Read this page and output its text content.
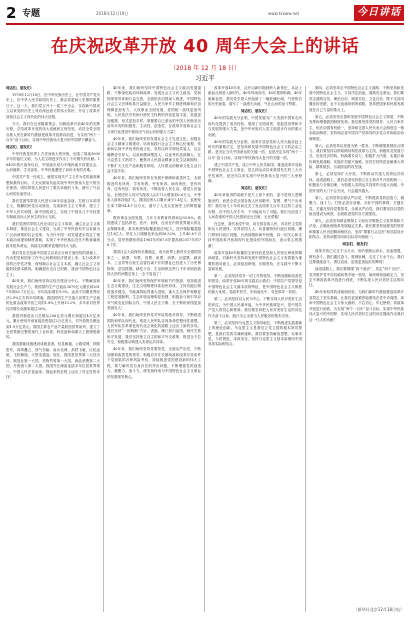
2 专题	2018年12月19日	www.txxww.net	今日讲话
在庆祝改革开放 40 周年大会上的讲话
（2018 年 12 月 18 日）
习近平

同志们，朋友们：

1978年12月18日，在中华民族历史上，在中国共产党历史上，在中华人民共和国历史上，都必将是载入史册的重要日子。这一天，我们党召开十一届三中全会，实现新中国成立以来党的历史上具有深远意义的伟大转折，开启了改革开放和社会主义现代化的伟大征程。

今天，我们在这里隆重集会，回顾改革开放40年的光辉历程，总结改革开放的伟大成就和宝贵经验，动员全党全国各族人民在新时代继续把改革开放推向前进，为实现“两个一百年”奋斗目标、实现中华民族伟大复兴的中国梦不懈奋斗。

同志们、朋友们！

中华民族是世界上古老而伟大的民族，创造了绵延5000多年的灿烂文明，为人类文明进步作出了不可磨灭的贡献。1840年鸦片战争以后，中国逐步成为半殖民地半封建社会，山河破碎，生灵涂炭，中华民族遭受了前所未有的苦难。

中国共产党一经成立，就把实现共产主义作为党的最高理想和最终目标，义无反顾肩负起实现中华民族伟大复兴的历史使命，团结带领人民进行了艰苦卓绝的斗争，谱写了气吞山河的壮丽史诗。

我们党团结带领人民进行28年浴血奋战，打败日本帝国主义，推翻国民党反动统治，完成新民主主义革命，建立了中华人民共和国。新中国的成立，实现了中国从几千年封建专制政治向人民民主的伟大飞跃。

我们党团结带领人民完成社会主义革命，确立社会主义基本制度，推进社会主义建设，完成了中华民族有史以来最为广泛而深刻的社会变革，为当代中国一切发展进步奠定了根本政治前提和制度基础，实现了中华民族由近代不断衰落到根本扭转命运、持续走向繁荣富强的伟大飞跃。

我们党在总结新中国成立以来正反两方面经验的基础上，作出把党和国家工作中心转移到经济建设上来、实行改革开放的历史性决策，深刻揭示社会主义本质，确立社会主义初级阶段基本路线，明确提出走自己的路、建设中国特色社会主义。

40年来，我们始终坚持以经济建设为中心，不断解放和发展社会生产力，我国国内生产总值由3679亿元增长到2017年的82.7万亿元，年均实际增长9.5%，远高于同期世界经济2.9%左右的年均增速。我国国内生产总值占世界生产总值的比重由改革开放之初的1.8%上升到15.2%，多年来对世界经济增长贡献率超过30%。

我国货物进出口总额从206亿美元增长到超过4万亿美元，累计使用外商直接投资超过2万亿美元，对外投资总额达到1.9万亿美元。我国主要农产品产量跃居世界前列，建立了全世界最完整的现代工业体系，科技创新和重大工程捷报频传。

我国基础设施建设成就显著，信息畅通，公路成网，铁路密布，高坝矗立，西气东输，南水北调，高铁飞驰，巨轮远航，飞机翱翔，天堑变通途。现在，我国是世界第二大经济体、制造业第一大国、货物贸易第一大国、商品消费第二大国、外资流入第二大国，我国外汇储备连续多年位居世界第一，中国人民在富起来、强起来的征程上迈出了决定性的步伐！

40年来，我们始终坚持中国特色社会主义政治发展道路，不断深化政治体制改革，发展社会主义民主政治，党和国家领导体制日益完善，全面依法治国深入推进，中国特色社会主义法律体系日益健全，人民当家作主制度保障和法治保障更加有力，人权事业全面发展，爱国统一战线更加巩固，人民依法享有和行使民主权利的内容更加丰富、渠道更加便捷、形式更加多样，掌握着自己命运的中国人民焕发出前所未有的积极性、主动性、创造性，在改革开放和社会主义现代化建设中展现出气吞山河的强大力量！

40年来，我们始终坚持发展社会主义先进文化，加强社会主义精神文明建设，培育和践行社会主义核心价值观，传承和弘扬中华优秀传统文化，坚持以科学理论武装人，以正确舆论引导人，以高尚精神塑造人，以优秀作品鼓舞人，在马克思主义指导下，聚焦对人民群众精神文化生活新期待，不断扩大文化产品和服务供给，人民群众的精神文化生活日益丰富多彩。

40年来，我们始终坚持在发展中保障和改善民生，全面推进幼有所育、学有所教、劳有所得、病有所医、老有所养、住有所居、弱有所扶，不断改善人民生活、增进人民福祉。全国居民人均可支配收入由171元增加到2.6万元，中等收入群体持续扩大。我国贫困人口累计减少7.4亿人，贫困发生率下降94.4个百分点，谱写了人类反贫困史上的辉煌篇章。

教育事业全面发展，九年义务教育巩固率达93.8%。我国建成了包括养老、医疗、低保、住房在内的世界最大的社会保障体系，基本养老保险覆盖超过9亿人，医疗保险覆盖超过13亿人。常住人口城镇化率达到58.52%，上升40.6个百分点。居民预期寿命由1981年的67.8岁提高到2017年的76.7岁。

我国社会大局保持长期稳定，成为世界上最有安全感的国家之一。粮票、布票、肉票、鱼票、油票、豆腐票、副食本、工业券等百姓生活曾经离不开的票证已经进入了历史博物馆，忍饥挨饿、缺吃少穿、生活困顿这些几千年来困扰我国人民的问题总体上一去不复返了！

40年来，我们始终坚持保护环境和节约资源，坚持推进生态文明建设，生态文明制度体系加快形成，主体功能区制度逐步健全，节能减排取得重大进展，重大生态保护和修复工程进展顺利，生态环境治理明显加强，积极参与和引导应对气候变化国际合作，中国人民生于斯、长于斯的家园更加美丽宜人！

40年来，我们始终坚持党对军队的绝对领导，不断推进国防和军队现代化，推进人民军队实现革命性整体性重塑，人民军队在革命化现代化正规化的道路上迈出了新的步伐。我们坚持“一国两制”方针，香港、澳门回归祖国，两岸关系和平发展，我们坚持独立自主的和平外交政策，推进全方位外交，积极推动构建人类命运共同体。

40年来，我们始终坚持党要管党、全面从严治党，不断加强和改善党的领导，积极应对在长期执政和改革开放条件下党面临的各种风险考验，持续推进党的建设新的伟大工程，着力解决党自身存在的突出问题，不断增强党的创造力、凝聚力、战斗力，使党始终成为中国特色社会主义事业的坚强领导核心。

改革开放40年来，从开启新时期到跨入新世纪，从站上新起点到进入新时代，40年风雨同舟，40年披荆斩棘，40年砥砺奋进，我们党引领人民绘就了一幅波澜壮阔、气势恢宏的历史画卷，谱写了一曲感天动地、气壮山河的奋斗赞歌。

同志们、朋友们！

40年的实践充分证明，中国发展为广大发展中国家走向现代化提供了成功经验、展现了光明前景，是促进世界和平与发展的强大力量，是中华民族对人类文明进步作出的重大贡献。

40年的实践充分证明，改革开放是党和人民大踏步赶上时代的重要法宝，是坚持和发展中国特色社会主义的必由之路，是决定当代中国命运的关键一招，也是决定实现“两个一百年”奋斗目标、实现中华民族伟大复兴的关键一招。

建立中国共产党、成立中华人民共和国、推进改革开放和中国特色社会主义事业，是五四运动以来我国发生的三大历史性事件，是近代以来实现中华民族伟大复兴的三大里程碑。

同志们、朋友们！

40年来取得的成就不是天上掉下来的，更不是别人恩赐施舍的，而是全党全国各族人民用勤劳、智慧、勇气干出来的！我们用几十年时间走完了发达国家几百年走过的工业化历程。在中国人民手中，不可能成为了可能。我们为创造了人间奇迹的中国人民感到无比自豪、无比骄傲！

在这里，我代表党中央，向全国各族人民，向各民主党派和各人民团体、各界爱国人士，向香港特别行政区同胞、澳门特别行政区同胞、台湾同胞和海外侨胞，向一切关心和支持中国改革开放和现代化建设的外国朋友，表示衷心的感谢！

改革开放40年积累的宝贵经验是党和人民弥足珍贵的精神财富，对新时代坚持和发展中国特色社会主义有着极为重要的指导意义，必须倍加珍惜、长期坚持，在实践中不断丰富和发展。

第一，必须坚持党对一切工作的领导，不断加强和改善党的领导。改革开放40年的实践启示我们：中国共产党领导是中国特色社会主义最本质的特征，是中国特色社会主义制度的最大优势。党政军民学，东西南北中，党是领导一切的。

第二，必须坚持以人民为中心，不断实现人民对美好生活的向往。为中国人民谋幸福，为中华民族谋复兴，是中国共产党人的初心和使命。我们要坚持把人民对美好生活的向往作为奋斗目标，践行全心全意为人民服务的根本宗旨。

第三，必须坚持马克思主义指导地位，不断推进实践基础上的理论创新。马克思主义是我们立党立国的根本指导思想，是我们党的灵魂和旗帜。我们要坚持解放思想、实事求是、与时俱进、求真务实，坚持马克思主义基本原理同中国具体实际相结合。

第四，必须坚持走中国特色社会主义道路，不断坚持和发展中国特色社会主义。方向决定前途，道路决定命运。我们要坚定道路自信、理论自信、制度自信、文化自信，既不走封闭僵化的老路，也不走改旗易帜的邪路，坚持把国家和民族发展放在自己力量的基点上。

第五，必须坚持完善和发展中国特色社会主义制度，不断发挥和增强我国制度优势。我们要坚持党的领导、人民当家作主、依法治国有机统一，坚持和完善人民代表大会制度这一根本政治制度，坚持和完善中国共产党领导的多党合作和政治协商制度。

第六，必须坚持以发展为第一要务，不断增强我国综合国力。我们要坚持以供给侧结构性改革为主线，积极转变发展方式、优化经济结构、转换增长动力，积极扩大内需，实施区域协调发展战略，实施乡村振兴战略，坚决打好防范化解重大风险、精准脱贫、污染防治的攻坚战。

第七，必须坚持扩大开放，不断推动共建人类命运共同体。前进道路上，我们必须坚持独立自主和对外开放相统一，积极参与全球治理，为构建人类命运共同体作出更大贡献。中国开放的大门不会关闭，只会越开越大。

第八，必须坚持全面从严治党，不断提高党的创造力、凝聚力、战斗力。打铁必须自身硬。办好中国的事情，关键在党，关键在坚持党要管党、全面从严治党。我们要坚持以党的政治建设为统领，全面推进党的各方面建设。

第九，必须坚持辩证唯物主义和历史唯物主义世界观和方法论，正确处理改革发展稳定关系。我们要坚持加强党的领导和尊重人民首创精神相结合，坚持“摸着石头过河”和顶层设计相结合，坚持问题导向和目标导向相统一。

同志们、朋友们！

改革开放已走过千山万水，但仍需跋山涉水，征途漫漫，惟有奋斗。我们通过奋斗，披荆斩棘，走过了万水千山。我们还要继续奋斗，勇往直前，创造更加灿烂的辉煌！

前进道路上，我们要增强“四个意识”，坚定“四个自信”，坚决维护党中央权威和集中统一领导，始终保持战略定力，坚定不移将改革开放进行到底，不断实现人民对美好生活的向往。

40年来取得的成就和经验，为我们新时代继续推进改革开放奠定了坚实基础。让我们更加紧密地团结在党中央周围，高举中国特色社会主义伟大旗帜，不忘初心，牢记使命，将改革开放进行到底，为实现“两个一百年”奋斗目标、实现中华民族伟大复兴的中国梦、实现人民对美好生活的向往继续作出我们这一代人的贡献！

（新华社北京12月18日电）
